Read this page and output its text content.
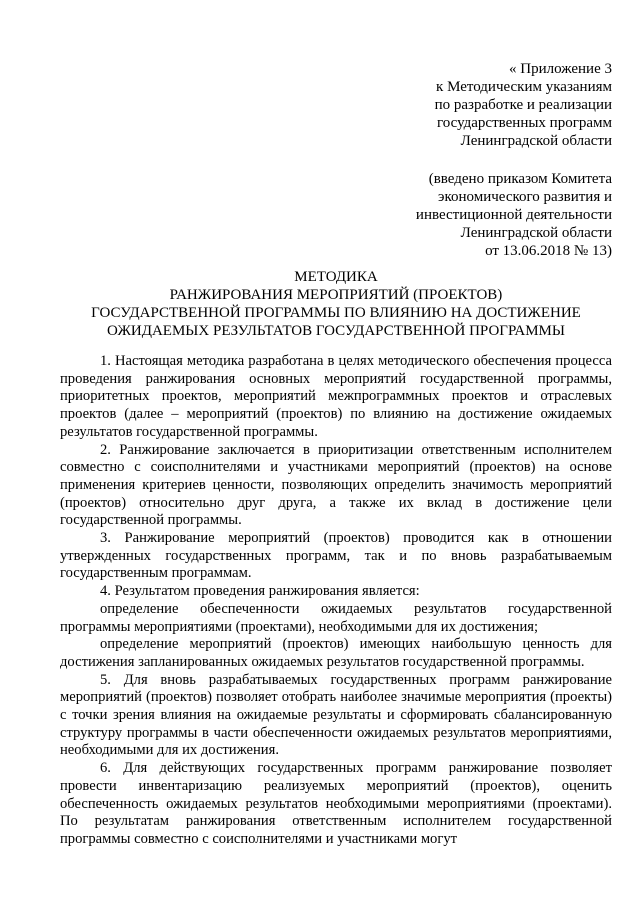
« Приложение 3
к Методическим указаниям
по разработке и реализации
государственных программ
Ленинградской области
(введено приказом Комитета
экономического развития и
инвестиционной деятельности
Ленинградской области
от 13.06.2018 № 13)
МЕТОДИКА
РАНЖИРОВАНИЯ МЕРОПРИЯТИЙ (ПРОЕКТОВ)
ГОСУДАРСТВЕННОЙ ПРОГРАММЫ ПО ВЛИЯНИЮ НА ДОСТИЖЕНИЕ
ОЖИДАЕМЫХ РЕЗУЛЬТАТОВ ГОСУДАРСТВЕННОЙ ПРОГРАММЫ

1. Настоящая методика разработана в целях методического обеспечения процесса проведения ранжирования основных мероприятий государственной программы, приоритетных проектов, мероприятий межпрограммных проектов и отраслевых проектов (далее – мероприятий (проектов) по влиянию на достижение ожидаемых результатов государственной программы.

2. Ранжирование заключается в приоритизации ответственным исполнителем совместно с соисполнителями и участниками мероприятий (проектов) на основе применения критериев ценности, позволяющих определить значимость мероприятий (проектов) относительно друг друга, а также их вклад в достижение цели государственной программы.

3. Ранжирование мероприятий (проектов) проводится как в отношении утвержденных государственных программ, так и по вновь разрабатываемым государственным программам.

4. Результатом проведения ранжирования является:

определение обеспеченности ожидаемых результатов государственной программы мероприятиями (проектами), необходимыми для их достижения;

определение мероприятий (проектов) имеющих наибольшую ценность для достижения запланированных ожидаемых результатов государственной программы.

5. Для вновь разрабатываемых государственных программ ранжирование мероприятий (проектов) позволяет отобрать наиболее значимые мероприятия (проекты) с точки зрения влияния на ожидаемые результаты и сформировать сбалансированную структуру программы в части обеспеченности ожидаемых результатов мероприятиями, необходимыми для их достижения.

6. Для действующих государственных программ ранжирование позволяет провести инвентаризацию реализуемых мероприятий (проектов), оценить обеспеченность ожидаемых результатов необходимыми мероприятиями (проектами). По результатам ранжирования ответственным исполнителем государственной программы совместно с соисполнителями и участниками могут
